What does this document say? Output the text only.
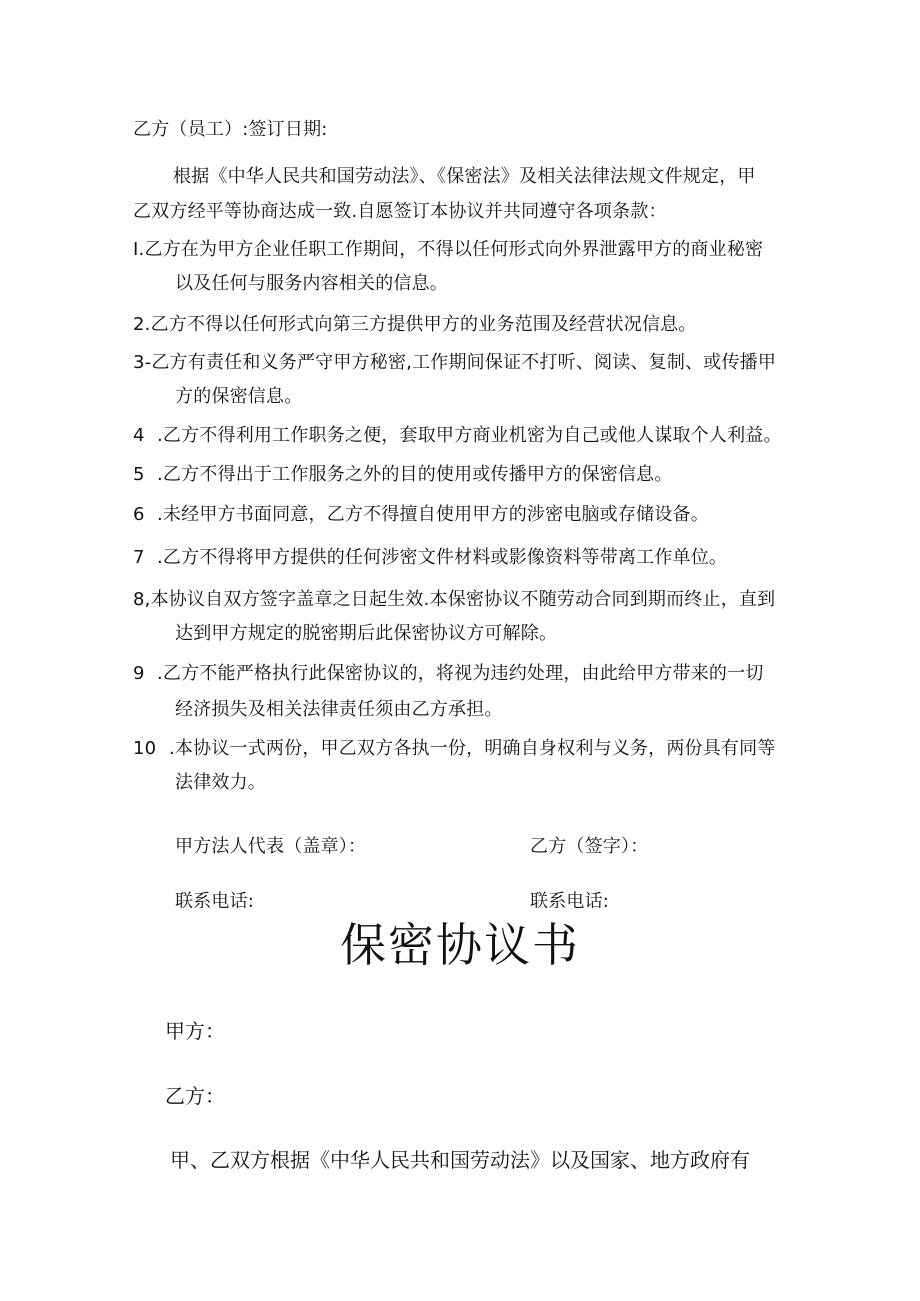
乙方（员工）:签订日期:
根据《中华人民共和国劳动法》、《保密法》及相关法律法规文件规定，甲
乙双方经平等协商达成一致.自愿签订本协议并共同遵守各项条款：
I.乙方在为甲方企业任职工作期间，不得以任何形式向外界泄露甲方的商业秘密
以及任何与服务内容相关的信息。
2.乙方不得以任何形式向第三方提供甲方的业务范围及经营状况信息。
3-乙方有责任和义务严守甲方秘密,工作期间保证不打听、阅读、复制、或传播甲
方的保密信息。
4 .乙方不得利用工作职务之便，套取甲方商业机密为自己或他人谋取个人利益。
5 .乙方不得出于工作服务之外的目的使用或传播甲方的保密信息。
6 .未经甲方书面同意，乙方不得擅自使用甲方的涉密电脑或存储设备。
7 .乙方不得将甲方提供的任何涉密文件材料或影像资料等带离工作单位。
8,本协议自双方签字盖章之日起生效.本保密协议不随劳动合同到期而终止，直到
达到甲方规定的脱密期后此保密协议方可解除。
9 .乙方不能严格执行此保密协议的，将视为违约处理，由此给甲方带来的一切
经济损失及相关法律责任须由乙方承担。
10 .本协议一式两份，甲乙双方各执一份，明确自身权利与义务，两份具有同等
法律效力。
甲方法人代表（盖章）：	乙方（签字）：
联系电话:	联系电话:
保密协议书
甲方：
乙方：
甲、乙双方根据《中华人民共和国劳动法》以及国家、地方政府有
